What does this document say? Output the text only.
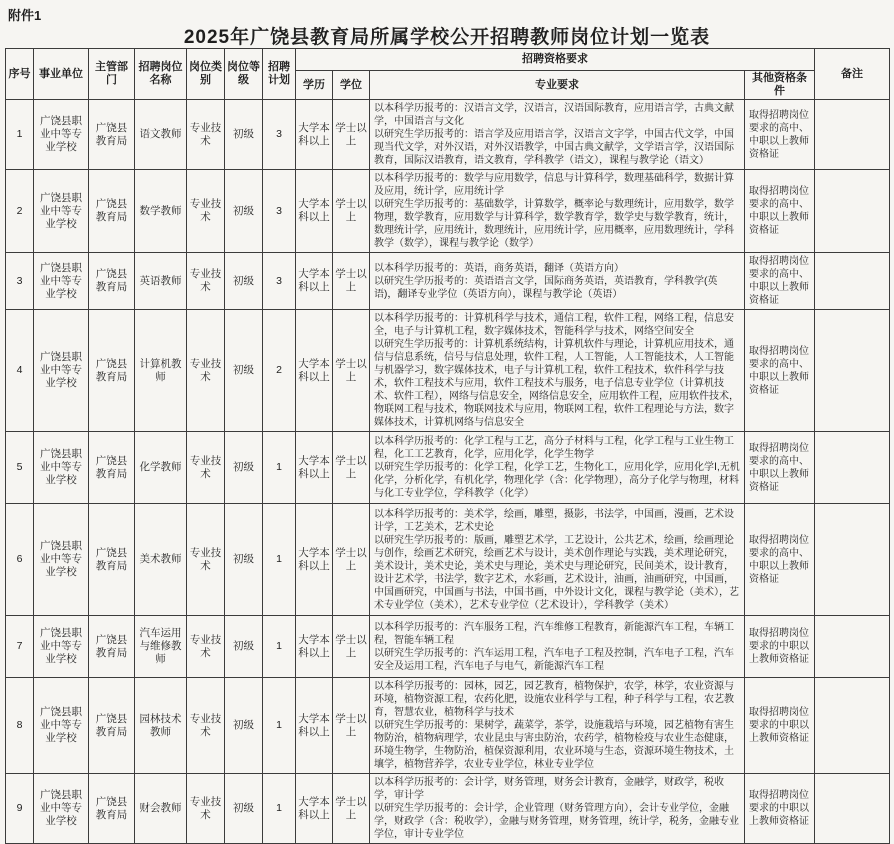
附件1
2025年广饶县教育局所属学校公开招聘教师岗位计划一览表
序号	事业单位	主管部门	招聘岗位名称	岗位类别	岗位等级	招聘计划	招聘资格要求				备注
							学历	学位	专业要求	其他资格条件	
1	广饶县职业中等专业学校	广饶县教育局	语文教师	专业技术	初级	3	大学本科以上	学士以上	以本科学历报考的：汉语言文学，汉语言，汉语国际教育，应用语言学，古典文献学，中国语言与文化
以研究生学历报考的：语言学及应用语言学，汉语言文字学，中国古代文学，中国现当代文学，对外汉语，对外汉语教学，中国古典文献学，文学语言学，汉语国际教育，国际汉语教育，语文教育，学科教学（语文），课程与教学论（语文）	取得招聘岗位要求的高中、中职以上教师资格证	
2	广饶县职业中等专业学校	广饶县教育局	数学教师	专业技术	初级	3	大学本科以上	学士以上	以本科学历报考的：数学与应用数学，信息与计算科学，数理基础科学，数据计算及应用，统计学，应用统计学
以研究生学历报考的：基础数学，计算数学，概率论与数理统计，应用数学，数学物理，数学教育，应用数学与计算科学，数学教育学，数学史与数学教育，统计，数理统计学，应用统计，数理统计，应用统计学，应用概率，应用数理统计，学科教学（数学），课程与教学论（数学）	取得招聘岗位要求的高中、中职以上教师资格证	
3	广饶县职业中等专业学校	广饶县教育局	英语教师	专业技术	初级	3	大学本科以上	学士以上	以本科学历报考的：英语，商务英语，翻译（英语方向）
以研究生学历报考的：英语语言文学，国际商务英语，英语教育，学科教学(英语)，翻译专业学位（英语方向），课程与教学论（英语）	取得招聘岗位要求的高中、中职以上教师资格证	
4	广饶县职业中等专业学校	广饶县教育局	计算机教师	专业技术	初级	2	大学本科以上	学士以上	以本科学历报考的：计算机科学与技术，通信工程，软件工程，网络工程，信息安全，电子与计算机工程，数字媒体技术，智能科学与技术，网络空间安全
以研究生学历报考的：计算机系统结构，计算机软件与理论，计算机应用技术，通信与信息系统，信号与信息处理，软件工程，人工智能，人工智能技术，人工智能与机器学习，数字媒体技术，电子与计算机工程，软件工程技术，软件科学与技术，软件工程技术与应用，软件工程技术与服务，电子信息专业学位（计算机技术、软件工程），网络与信息安全，网络信息安全，应用软件工程，应用软件技术，物联网工程与技术，物联网技术与应用，物联网工程，软件工程理论与方法，数字媒体技术，计算机网络与信息安全	取得招聘岗位要求的高中、中职以上教师资格证	
5	广饶县职业中等专业学校	广饶县教育局	化学教师	专业技术	初级	1	大学本科以上	学士以上	以本科学历报考的：化学工程与工艺，高分子材料与工程，化学工程与工业生物工程，化工工艺教育，化学，应用化学，化学生物学
以研究生学历报考的：化学工程，化学工艺，生物化工，应用化学，应用化学Ⅰ,无机化学，分析化学，有机化学，物理化学（含：化学物理），高分子化学与物理，材料与化工专业学位，学科教学（化学）	取得招聘岗位要求的高中、中职以上教师资格证	
6	广饶县职业中等专业学校	广饶县教育局	美术教师	专业技术	初级	1	大学本科以上	学士以上	以本科学历报考的：美术学，绘画，雕塑，摄影，书法学，中国画，漫画，艺术设计学，工艺美术，艺术史论
以研究生学历报考的：版画，雕塑艺术学，工艺设计，公共艺术，绘画，绘画理论与创作，绘画艺术研究，绘画艺术与设计，美术创作理论与实践，美术理论研究，美术设计，美术史论，美术史与理论，美术史与理论研究，民间美术，设计教育，设计艺术学，书法学，数字艺术，水彩画，艺术设计，油画，油画研究，中国画，中国画研究，中国画与书法，中国书画，中外设计文化，课程与教学论（美术），艺术专业学位（美术），艺术专业学位（艺术设计），学科教学（美术）	取得招聘岗位要求的高中、中职以上教师资格证	
7	广饶县职业中等专业学校	广饶县教育局	汽车运用与维修教师	专业技术	初级	1	大学本科以上	学士以上	以本科学历报考的：汽车服务工程，汽车维修工程教育，新能源汽车工程，车辆工程，智能车辆工程
以研究生学历报考的：汽车运用工程，汽车电子工程及控制，汽车电子工程，汽车安全及运用工程，汽车电子与电气，新能源汽车工程	取得招聘岗位要求的中职以上教师资格证	
8	广饶县职业中等专业学校	广饶县教育局	园林技术教师	专业技术	初级	1	大学本科以上	学士以上	以本科学历报考的：园林，园艺，园艺教育，植物保护，农学，林学，农业资源与环境，植物资源工程，农药化肥，设施农业科学与工程，种子科学与工程，农艺教育，智慧农业，植物科学与技术
以研究生学历报考的：果树学，蔬菜学，茶学，设施栽培与环境，园艺植物有害生物防治，植物病理学，农业昆虫与害虫防治，农药学，植物检疫与农业生态健康，环境生物学，生物防治，植保资源利用，农业环境与生态，资源环境生物技术，土壤学，植物营养学，农业专业学位，林业专业学位	取得招聘岗位要求的中职以上教师资格证	
9	广饶县职业中等专业学校	广饶县教育局	财会教师	专业技术	初级	1	大学本科以上	学士以上	以本科学历报考的：会计学，财务管理，财务会计教育，金融学，财政学，税收学，审计学
以研究生学历报考的：会计学，企业管理（财务管理方向），会计专业学位，金融学，财政学（含：税收学），金融与财务管理，财务管理，统计学，税务，金融专业学位，审计专业学位	取得招聘岗位要求的中职以上教师资格证	
